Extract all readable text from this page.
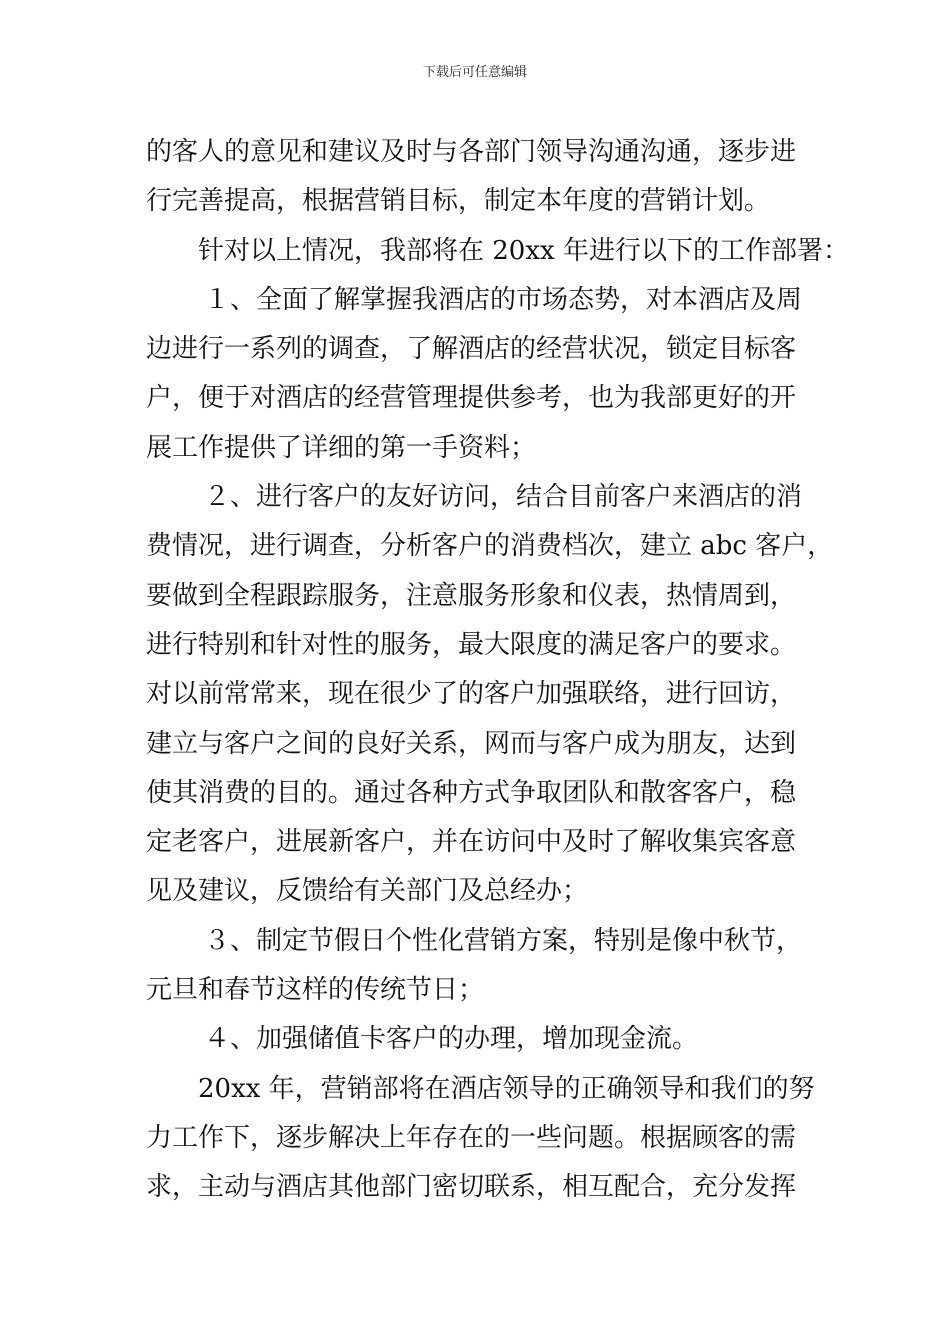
下载后可任意编辑
的客人的意见和建议及时与各部门领导沟通沟通，逐步进
行完善提高，根据营销目标，制定本年度的营销计划。
针对以上情况，我部将在 20xx 年进行以下的工作部署：
１、全面了解掌握我酒店的市场态势，对本酒店及周
边进行一系列的调查，了解酒店的经营状况，锁定目标客
户，便于对酒店的经营管理提供参考，也为我部更好的开
展工作提供了详细的第一手资料；
２、进行客户的友好访问，结合目前客户来酒店的消
费情况，进行调查，分析客户的消费档次，建立 abc 客户，
要做到全程跟踪服务，注意服务形象和仪表，热情周到，
进行特别和针对性的服务，最大限度的满足客户的要求。
对以前常常来，现在很少了的客户加强联络，进行回访，
建立与客户之间的良好关系，网而与客户成为朋友，达到
使其消费的目的。通过各种方式争取团队和散客客户，稳
定老客户，进展新客户，并在访问中及时了解收集宾客意
见及建议，反馈给有关部门及总经办；
３、制定节假日个性化营销方案，特别是像中秋节，
元旦和春节这样的传统节日；
４、加强储值卡客户的办理，增加现金流。
20xx 年，营销部将在酒店领导的正确领导和我们的努
力工作下，逐步解决上年存在的一些问题。根据顾客的需
求，主动与酒店其他部门密切联系，相互配合，充分发挥
